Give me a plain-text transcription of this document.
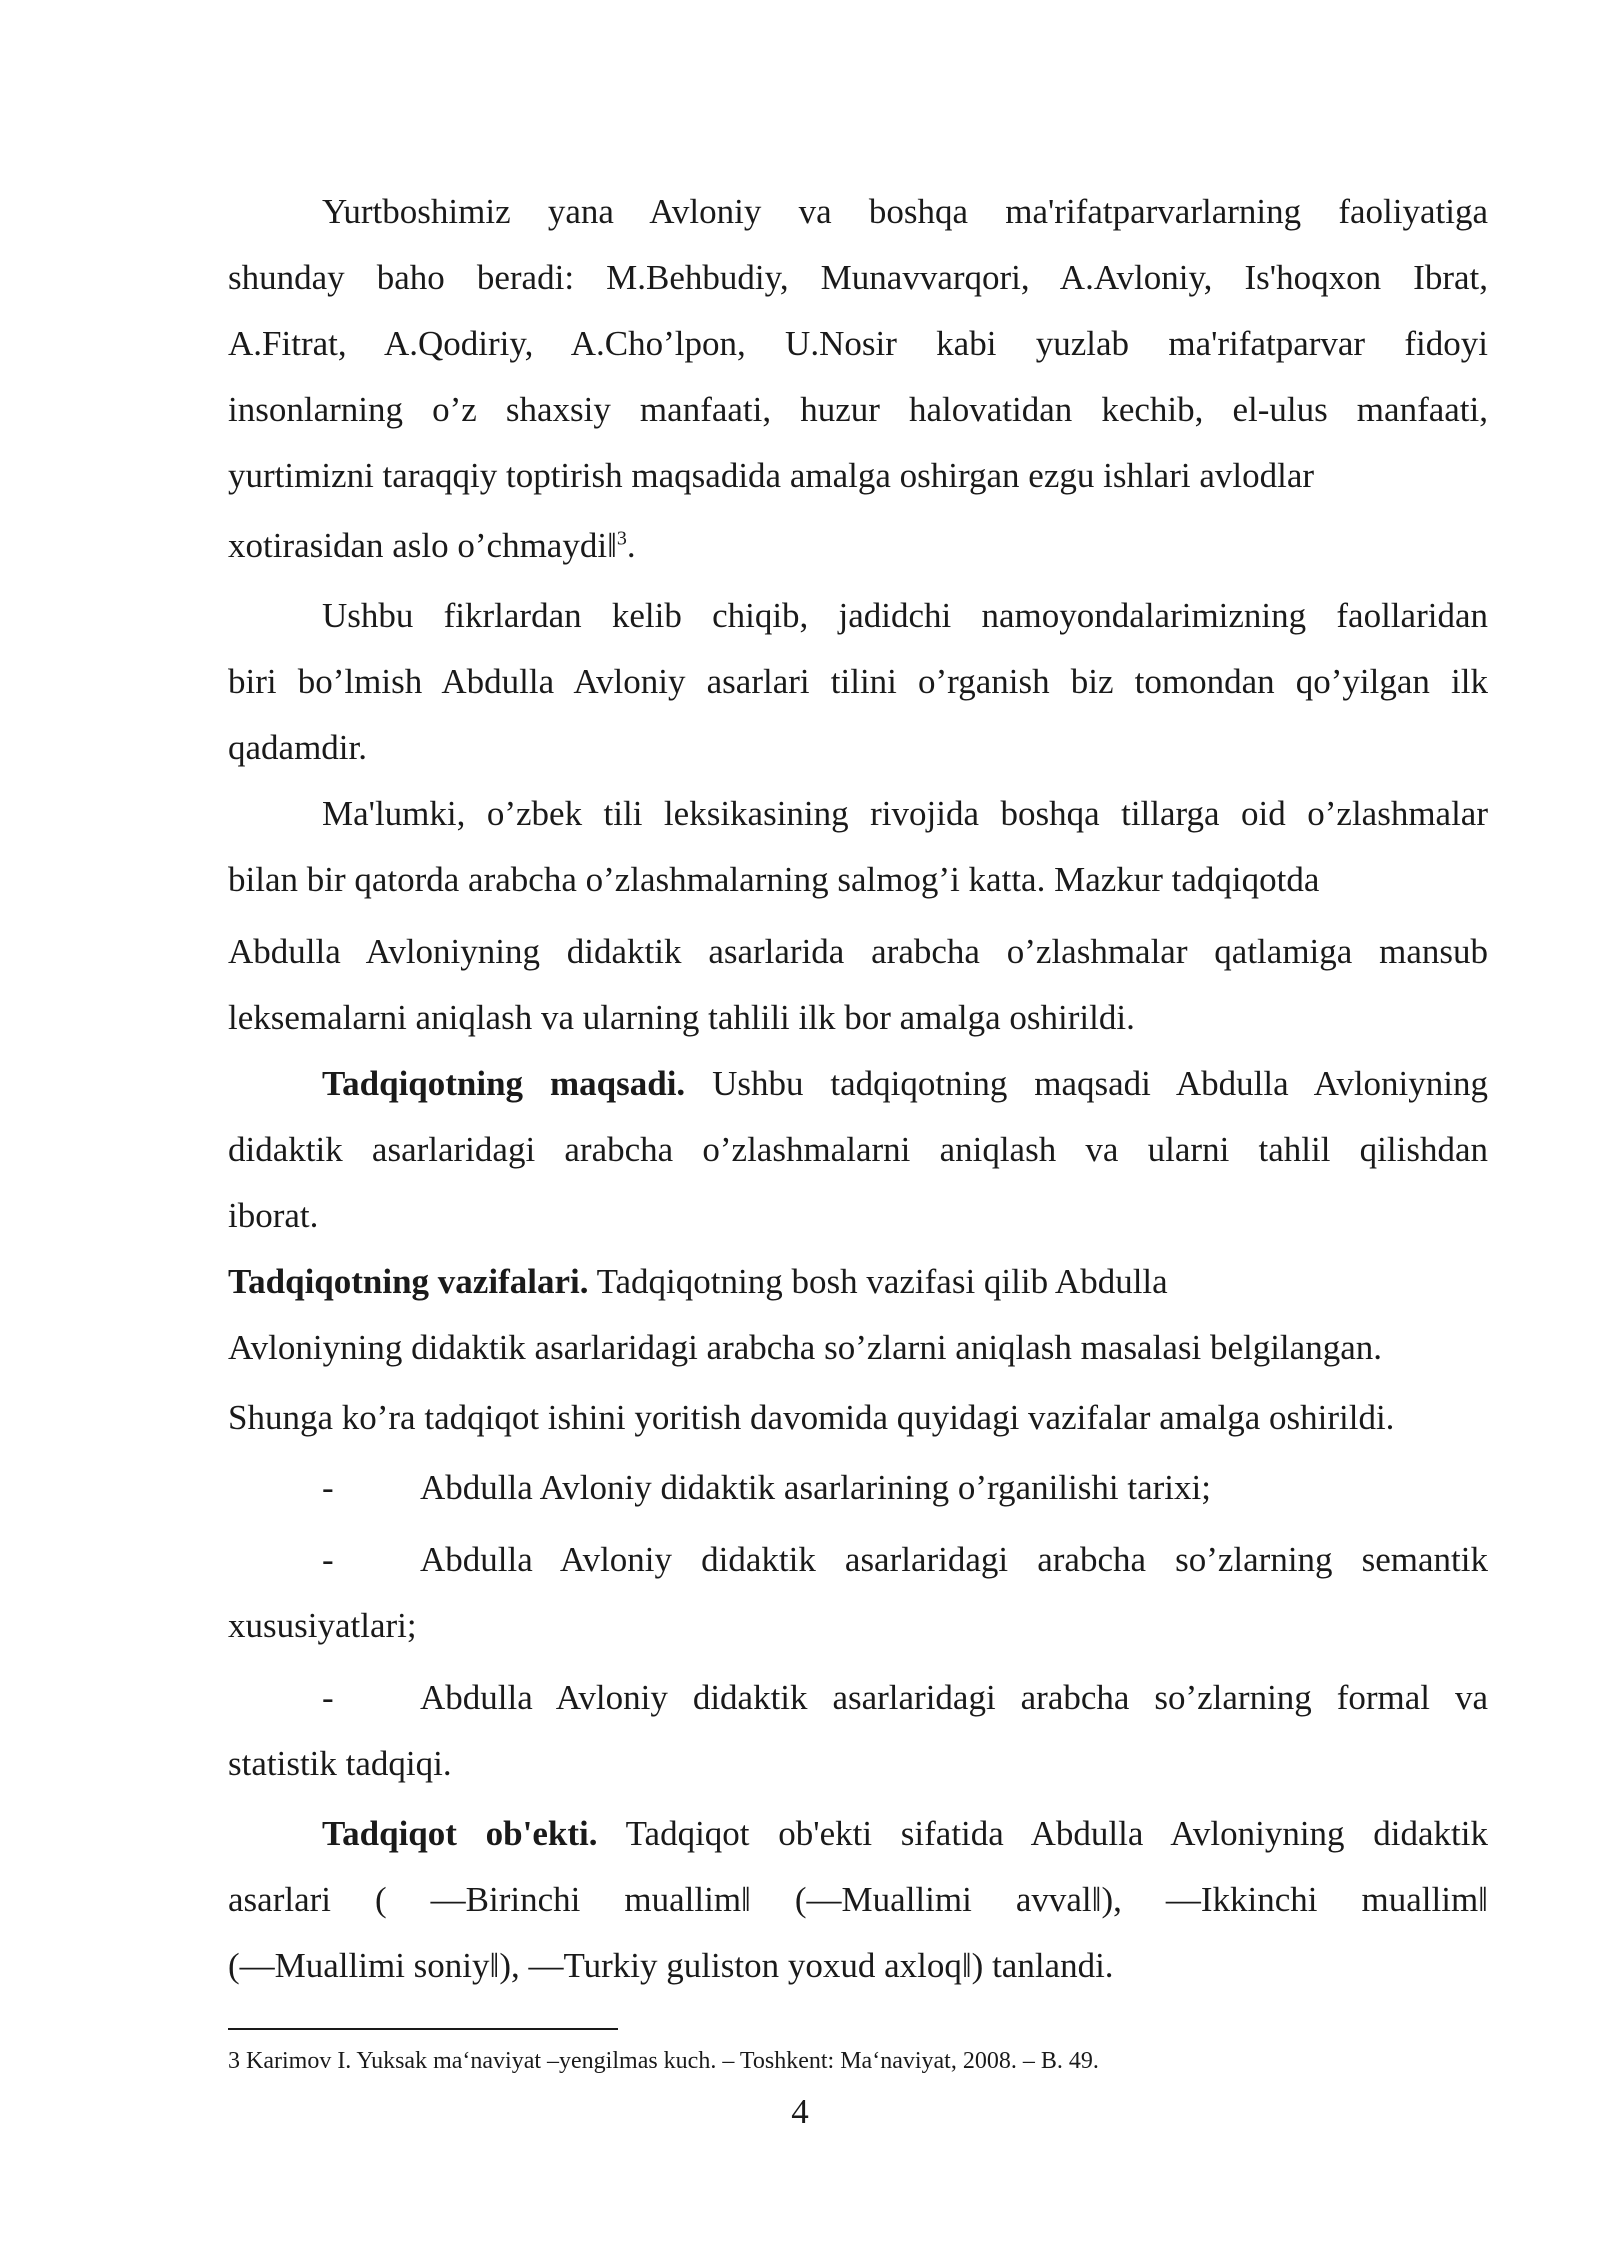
Yurtboshimiz yana Avloniy va boshqa ma'rifatparvarlarning faoliyatiga
shunday baho beradi: M.Behbudiy, Munavvarqori, A.Avloniy, Is'hoqxon Ibrat,
A.Fitrat, A.Qodiriy, A.Cho’lpon, U.Nosir kabi yuzlab ma'rifatparvar fidoyi
insonlarning o’z shaxsiy manfaati, huzur halovatidan kechib, el-ulus manfaati,
yurtimizni taraqqiy toptirish maqsadida amalga oshirgan ezgu ishlari avlodlar
xotirasidan aslo o’chmaydi‖$^3$.
Ushbu fikrlardan kelib chiqib, jadidchi namoyondalarimizning faollaridan
biri bo’lmish Abdulla Avloniy asarlari tilini o’rganish biz tomondan qo’yilgan ilk
qadamdir.
Ma'lumki, o’zbek tili leksikasining rivojida boshqa tillarga oid o’zlashmalar
bilan bir qatorda arabcha o’zlashmalarning salmog’i katta. Mazkur tadqiqotda
Abdulla Avloniyning didaktik asarlarida arabcha o’zlashmalar qatlamiga mansub
leksemalarni aniqlash va ularning tahlili ilk bor amalga oshirildi.
Tadqiqotning maqsadi. Ushbu tadqiqotning maqsadi Abdulla Avloniyning
didaktik asarlaridagi arabcha o’zlashmalarni aniqlash va ularni tahlil qilishdan
iborat.
Tadqiqotning vazifalari. Tadqiqotning bosh vazifasi qilib Abdulla
Avloniyning didaktik asarlaridagi arabcha so’zlarni aniqlash masalasi belgilangan.
Shunga ko’ra tadqiqot ishini yoritish davomida quyidagi vazifalar amalga oshirildi.
- Abdulla Avloniy didaktik asarlarining o’rganilishi tarixi;
- Abdulla Avloniy didaktik asarlaridagi arabcha so’zlarning semantik
xususiyatlari;
- Abdulla Avloniy didaktik asarlaridagi arabcha so’zlarning formal va
statistik tadqiqi.
Tadqiqot ob'ekti. Tadqiqot ob'ekti sifatida Abdulla Avloniyning didaktik
asarlari ( ―Birinchi muallim‖ (―Muallimi avval‖), ―Ikkinchi muallim‖
(―Muallimi soniy‖), ―Turkiy guliston yoxud axloq‖) tanlandi.
3 Karimov I. Yuksak ma‘naviyat –yengilmas kuch. – Toshkent: Ma‘naviyat, 2008. – B. 49.
4
